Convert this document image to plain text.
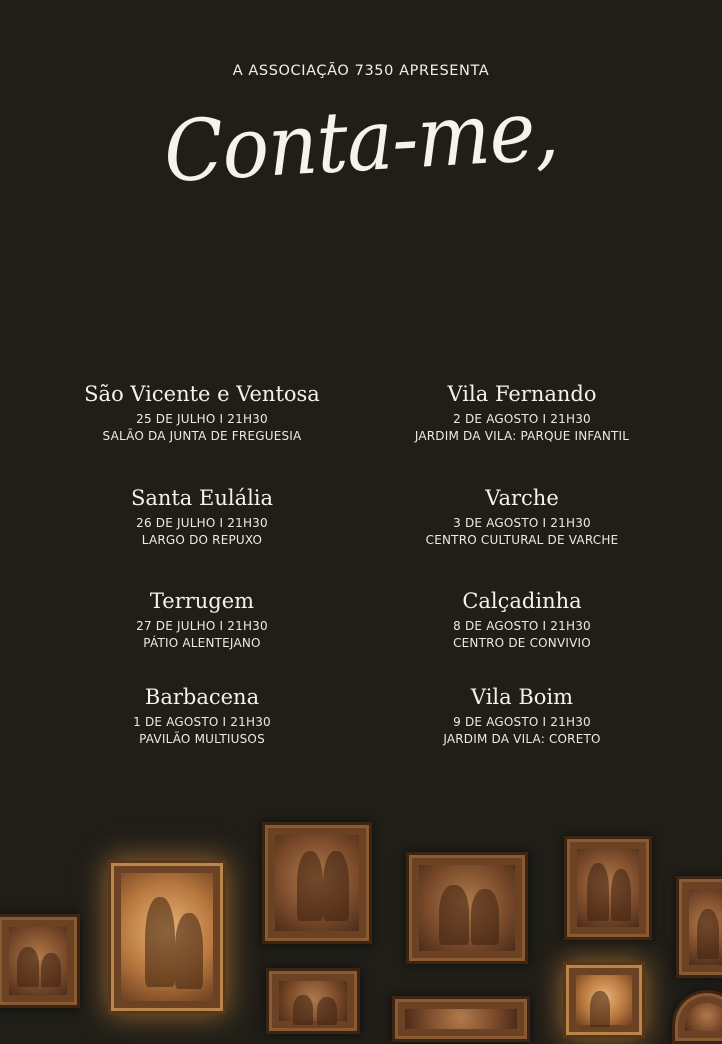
A ASSOCIAÇÃO 7350 APRESENTA
Conta-me,
São Vicente e Ventosa
25 DE JULHO I 21H30
SALÃO DA JUNTA DE FREGUESIA
Vila Fernando
2 DE AGOSTO I 21H30
JARDIM DA VILA: PARQUE INFANTIL
Santa Eulália
26 DE JULHO I 21H30
LARGO DO REPUXO
Varche
3 DE AGOSTO I 21H30
CENTRO CULTURAL DE VARCHE
Terrugem
27 DE JULHO I 21H30
PÁTIO ALENTEJANO
Calçadinha
8 DE AGOSTO I 21H30
CENTRO DE CONVIVIO
Barbacena
1 DE AGOSTO I 21H30
PAVILÃO MULTIUSOS
Vila Boim
9 DE AGOSTO I 21H30
JARDIM DA VILA: CORETO
